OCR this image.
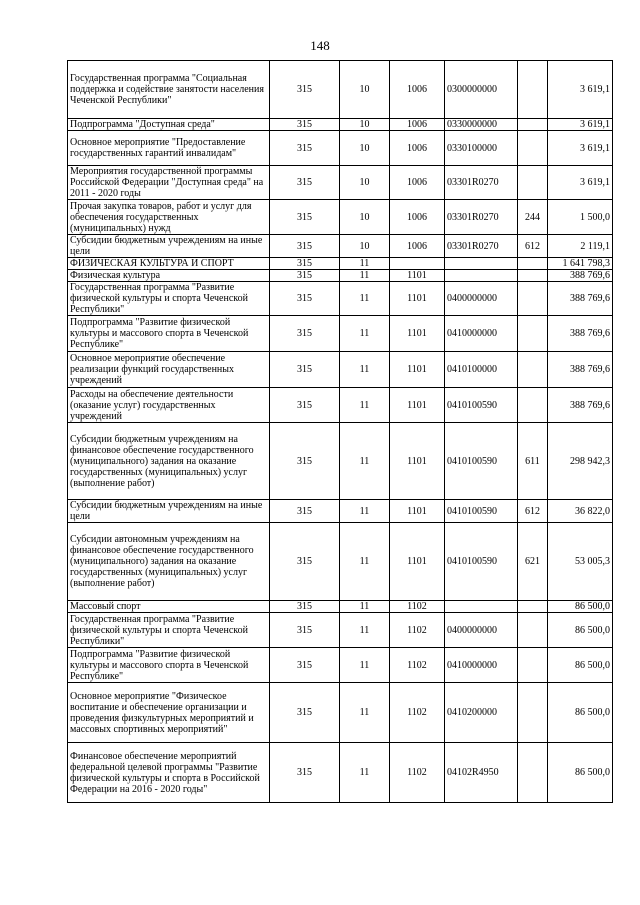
148
Государственная программа "Социальная поддержка и содействие занятости населения Чеченской Республики"	315	10	1006	0300000000		3 619,1
Подпрограмма "Доступная среда"	315	10	1006	0330000000		3 619,1
Основное мероприятие "Предоставление государственных гарантий инвалидам"	315	10	1006	0330100000		3 619,1
Мероприятия государственной программы Российской Федерации "Доступная среда" на 2011 - 2020 годы	315	10	1006	03301R0270		3 619,1
Прочая закупка товаров, работ и услуг для обеспечения государственных (муниципальных) нужд	315	10	1006	03301R0270	244	1 500,0
Субсидии бюджетным учреждениям на иные цели	315	10	1006	03301R0270	612	2 119,1
ФИЗИЧЕСКАЯ КУЛЬТУРА И СПОРТ	315	11				1 641 798,3
Физическая культура	315	11	1101			388 769,6
Государственная программа "Развитие физической культуры и спорта Чеченской Республики"	315	11	1101	0400000000		388 769,6
Подпрограмма "Развитие физической культуры и массового спорта в Чеченской Республике"	315	11	1101	0410000000		388 769,6
Основное мероприятие обеспечение реализации функций государственных учреждений	315	11	1101	0410100000		388 769,6
Расходы на обеспечение деятельности (оказание услуг) государственных учреждений	315	11	1101	0410100590		388 769,6
Субсидии бюджетным учреждениям на финансовое обеспечение государственного (муниципального) задания на оказание государственных (муниципальных) услуг (выполнение работ)	315	11	1101	0410100590	611	298 942,3
Субсидии бюджетным учреждениям на иные цели	315	11	1101	0410100590	612	36 822,0
Субсидии автономным учреждениям на финансовое обеспечение государственного (муниципального) задания на оказание государственных (муниципальных) услуг (выполнение работ)	315	11	1101	0410100590	621	53 005,3
Массовый спорт	315	11	1102			86 500,0
Государственная программа "Развитие физической культуры и спорта Чеченской Республики"	315	11	1102	0400000000		86 500,0
Подпрограмма "Развитие физической культуры и массового спорта в Чеченской Республике"	315	11	1102	0410000000		86 500,0
Основное мероприятие "Физическое воспитание и обеспечение организации и проведения физкультурных мероприятий и массовых спортивных мероприятий"	315	11	1102	0410200000		86 500,0
Финансовое обеспечение мероприятий федеральной целевой программы "Развитие физической культуры и спорта в Российской Федерации на 2016 - 2020 годы"	315	11	1102	04102R4950		86 500,0
